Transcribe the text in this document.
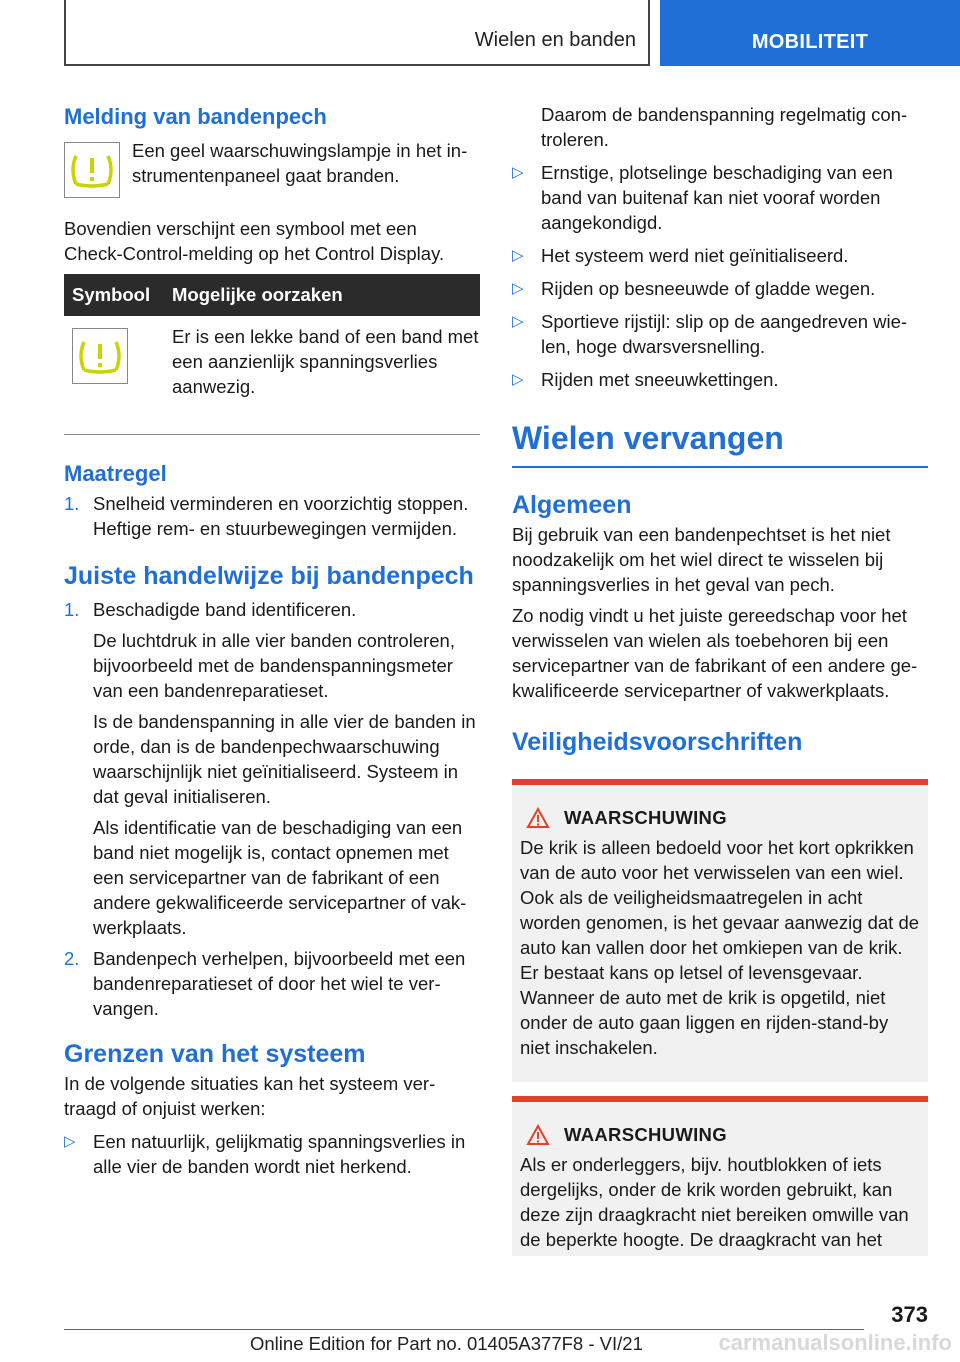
Wielen en banden	MOBILITEIT
Melding van bandenpech

Een geel waarschuwingslampje in het instrumentenpaneel gaat branden.

Bovendien verschijnt een symbool met een Check-Control-melding op het Control Display.

Symbool	Mogelijke oorzaken
	Er is een lekke band of een band met een aanzienlijk spanningsverlies aanwezig.
Maatregel
1. Snelheid verminderen en voorzichtig stoppen. Heftige rem- en stuurbewegingen vermijden.
Juiste handelwijze bij bandenpech
1. Beschadigde band identificeren.
De luchtdruk in alle vier banden controleren, bijvoorbeeld met de bandenspanningsmeter van een bandenreparatieset.
Is de bandenspanning in alle vier de banden in orde, dan is de bandenpechwaarschuwing waarschijnlijk niet geïnitialiseerd. Systeem in dat geval initialiseren.
Als identificatie van de beschadiging van een band niet mogelijk is, contact opnemen met een servicepartner van de fabrikant of een andere gekwalificeerde servicepartner of vakwerkplaats.
2. Bandenpech verhelpen, bijvoorbeeld met een bandenreparatieset of door het wiel te vervangen.
Grenzen van het systeem

In de volgende situaties kan het systeem vertraagd of onjuist werken:

▷ Een natuurlijk, gelijkmatig spanningsverlies in alle vier de banden wordt niet herkend.

Daarom de bandenspanning regelmatig controleren.

▷ Ernstige, plotselinge beschadiging van een band van buitenaf kan niet vooraf worden aangekondigd.
▷ Het systeem werd niet geïnitialiseerd.
▷ Rijden op besneeuwde of gladde wegen.
▷ Sportieve rijstijl: slip op de aangedreven wielen, hoge dwarsversnelling.
▷ Rijden met sneeuwkettingen.
Wielen vervangen
Algemeen

Bij gebruik van een bandenpechtset is het niet noodzakelijk om het wiel direct te wisselen bij spanningsverlies in het geval van pech.

Zo nodig vindt u het juiste gereedschap voor het verwisselen van wielen als toebehoren bij een servicepartner van de fabrikant of een andere gekwalificeerde servicepartner of vakwerkplaats.

Veiligheidsvoorschriften
WAARSCHUWING

De krik is alleen bedoeld voor het kort opkrikken van de auto voor het verwisselen van een wiel. Ook als de veiligheidsmaatregelen in acht worden genomen, is het gevaar aanwezig dat de auto kan vallen door het omkiepen van de krik. Er bestaat kans op letsel of levensgevaar. Wanneer de auto met de krik is opgetild, niet onder de auto gaan liggen en rijden-stand-by niet inschakelen.

WAARSCHUWING

Als er onderleggers, bijv. houtblokken of iets dergelijks, onder de krik worden gebruikt, kan deze zijn draagkracht niet bereiken omwille van de beperkte hoogte. De draagkracht van het

373
Online Edition for Part no. 01405A377F8 - VI/21	carmanualsonline.info
